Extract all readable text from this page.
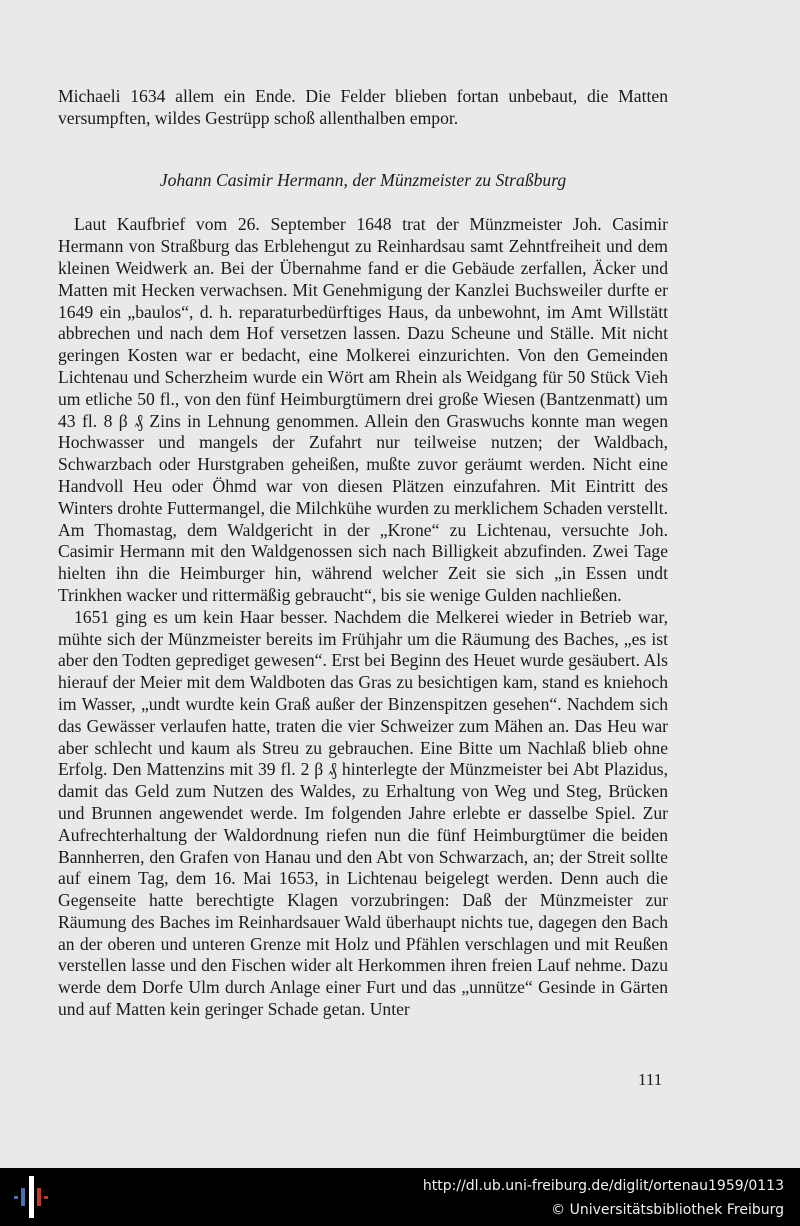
Michaeli 1634 allem ein Ende. Die Felder blieben fortan unbebaut, die Matten versumpften, wildes Gestrüpp schoß allenthalben empor.

Johann Casimir Hermann, der Münzmeister zu Straßburg

Laut Kaufbrief vom 26. September 1648 trat der Münzmeister Joh. Casimir Hermann von Straßburg das Erblehengut zu Reinhardsau samt Zehntfreiheit und dem kleinen Weidwerk an. Bei der Übernahme fand er die Gebäude zerfallen, Äcker und Matten mit Hecken verwachsen. Mit Genehmigung der Kanzlei Buchsweiler durfte er 1649 ein „baulos“, d. h. reparaturbedürftiges Haus, da unbewohnt, im Amt Willstätt abbrechen und nach dem Hof versetzen lassen. Dazu Scheune und Ställe. Mit nicht geringen Kosten war er bedacht, eine Molkerei einzurichten. Von den Gemeinden Lichtenau und Scherzheim wurde ein Wört am Rhein als Weidgang für 50 Stück Vieh um etliche 50 fl., von den fünf Heimburgtümern drei große Wiesen (Bantzenmatt) um 43 fl. 8 β ₰ Zins in Lehnung genommen. Allein den Graswuchs konnte man wegen Hochwasser und mangels der Zufahrt nur teilweise nutzen; der Waldbach, Schwarzbach oder Hurstgraben geheißen, mußte zuvor geräumt werden. Nicht eine Handvoll Heu oder Öhmd war von diesen Plätzen einzufahren. Mit Eintritt des Winters drohte Futtermangel, die Milchkühe wurden zu merklichem Schaden verstellt. Am Thomastag, dem Waldgericht in der „Krone“ zu Lichtenau, versuchte Joh. Casimir Hermann mit den Waldgenossen sich nach Billigkeit abzufinden. Zwei Tage hielten ihn die Heimburger hin, während welcher Zeit sie sich „in Essen undt Trinkhen wacker und rittermäßig gebraucht“, bis sie wenige Gulden nachließen.

1651 ging es um kein Haar besser. Nachdem die Melkerei wieder in Betrieb war, mühte sich der Münzmeister bereits im Frühjahr um die Räumung des Baches, „es ist aber den Todten geprediget gewesen“. Erst bei Beginn des Heuet wurde gesäubert. Als hierauf der Meier mit dem Waldboten das Gras zu besichtigen kam, stand es kniehoch im Wasser, „undt wurdte kein Graß außer der Binzenspitzen gesehen“. Nachdem sich das Gewässer verlaufen hatte, traten die vier Schweizer zum Mähen an. Das Heu war aber schlecht und kaum als Streu zu gebrauchen. Eine Bitte um Nachlaß blieb ohne Erfolg. Den Mattenzins mit 39 fl. 2 β ₰ hinterlegte der Münzmeister bei Abt Plazidus, damit das Geld zum Nutzen des Waldes, zu Erhaltung von Weg und Steg, Brücken und Brunnen angewendet werde. Im folgenden Jahre erlebte er dasselbe Spiel. Zur Aufrechterhaltung der Waldordnung riefen nun die fünf Heimburgtümer die beiden Bannherren, den Grafen von Hanau und den Abt von Schwarzach, an; der Streit sollte auf einem Tag, dem 16. Mai 1653, in Lichtenau beigelegt werden. Denn auch die Gegenseite hatte berechtigte Klagen vorzubringen: Daß der Münzmeister zur Räumung des Baches im Reinhardsauer Wald überhaupt nichts tue, dagegen den Bach an der oberen und unteren Grenze mit Holz und Pfählen verschlagen und mit Reußen verstellen lasse und den Fischen wider alt Herkommen ihren freien Lauf nehme. Dazu werde dem Dorfe Ulm durch Anlage einer Furt und das „unnütze“ Gesinde in Gärten und auf Matten kein geringer Schade getan. Unter

111
http://dl.ub.uni-freiburg.de/diglit/ortenau1959/0113
© Universitätsbibliothek Freiburg
